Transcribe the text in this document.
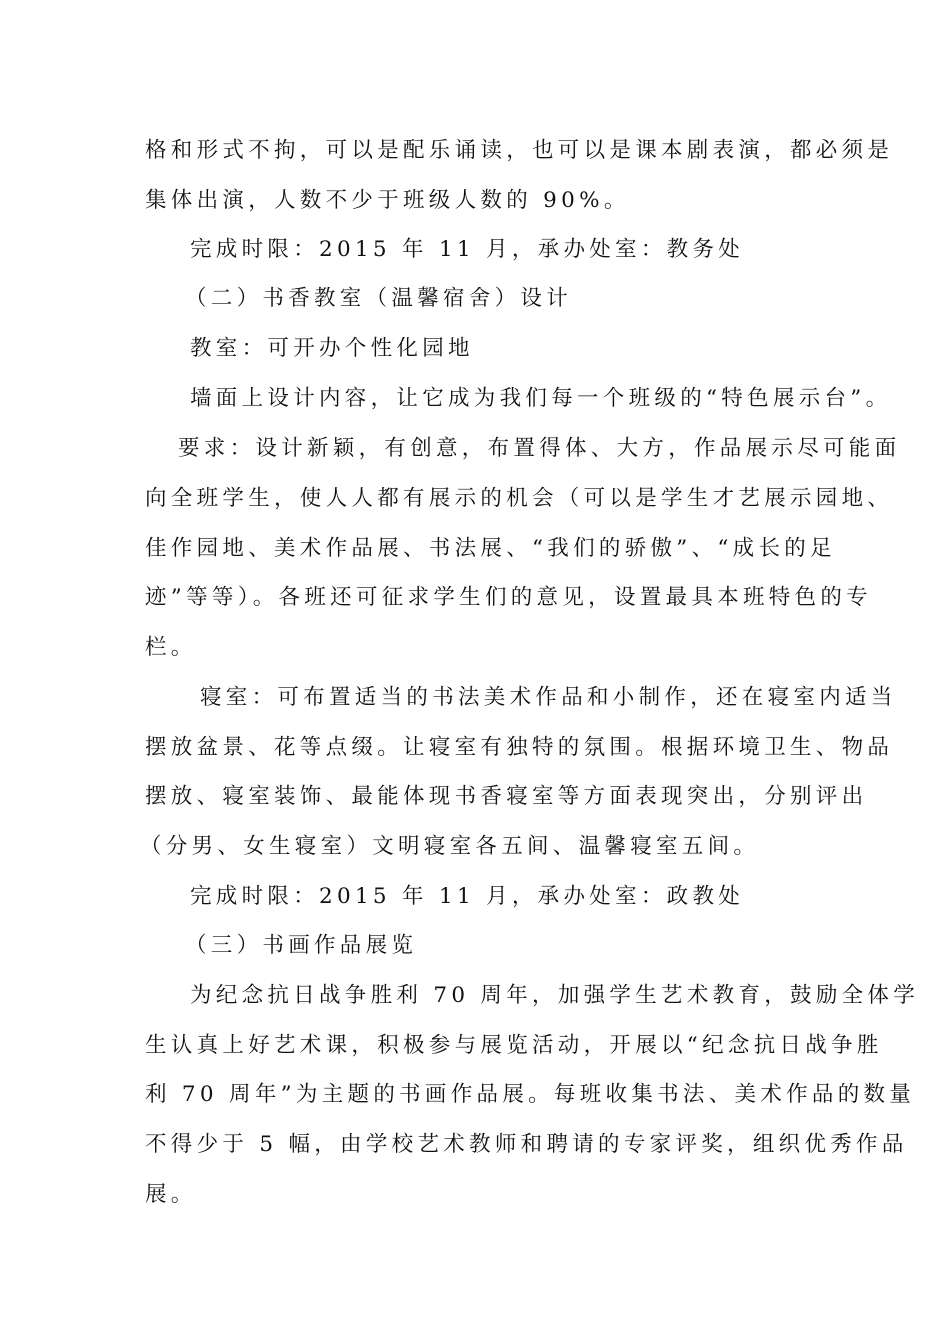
格和形式不拘，可以是配乐诵读，也可以是课本剧表演，都必须是

集体出演，人数不少于班级人数的 90%。

完成时限：2015 年 11 月，承办处室：教务处

（二）书香教室（温馨宿舍）设计

教室：可开办个性化园地

墙面上设计内容，让它成为我们每一个班级的“特色展示台”。

要求：设计新颖，有创意，布置得体、大方，作品展示尽可能面

向全班学生，使人人都有展示的机会（可以是学生才艺展示园地、

佳作园地、美术作品展、书法展、“我们的骄傲”、“成长的足

迹”等等）。各班还可征求学生们的意见，设置最具本班特色的专

栏。

寝室：可布置适当的书法美术作品和小制作，还在寝室内适当

摆放盆景、花等点缀。让寝室有独特的氛围。根据环境卫生、物品

摆放、寝室装饰、最能体现书香寝室等方面表现突出，分别评出

（分男、女生寝室）文明寝室各五间、温馨寝室五间。

完成时限：2015 年 11 月，承办处室：政教处

（三）书画作品展览

为纪念抗日战争胜利 70 周年，加强学生艺术教育，鼓励全体学

生认真上好艺术课，积极参与展览活动，开展以“纪念抗日战争胜

利 70 周年”为主题的书画作品展。每班收集书法、美术作品的数量

不得少于 5 幅，由学校艺术教师和聘请的专家评奖，组织优秀作品

展。
